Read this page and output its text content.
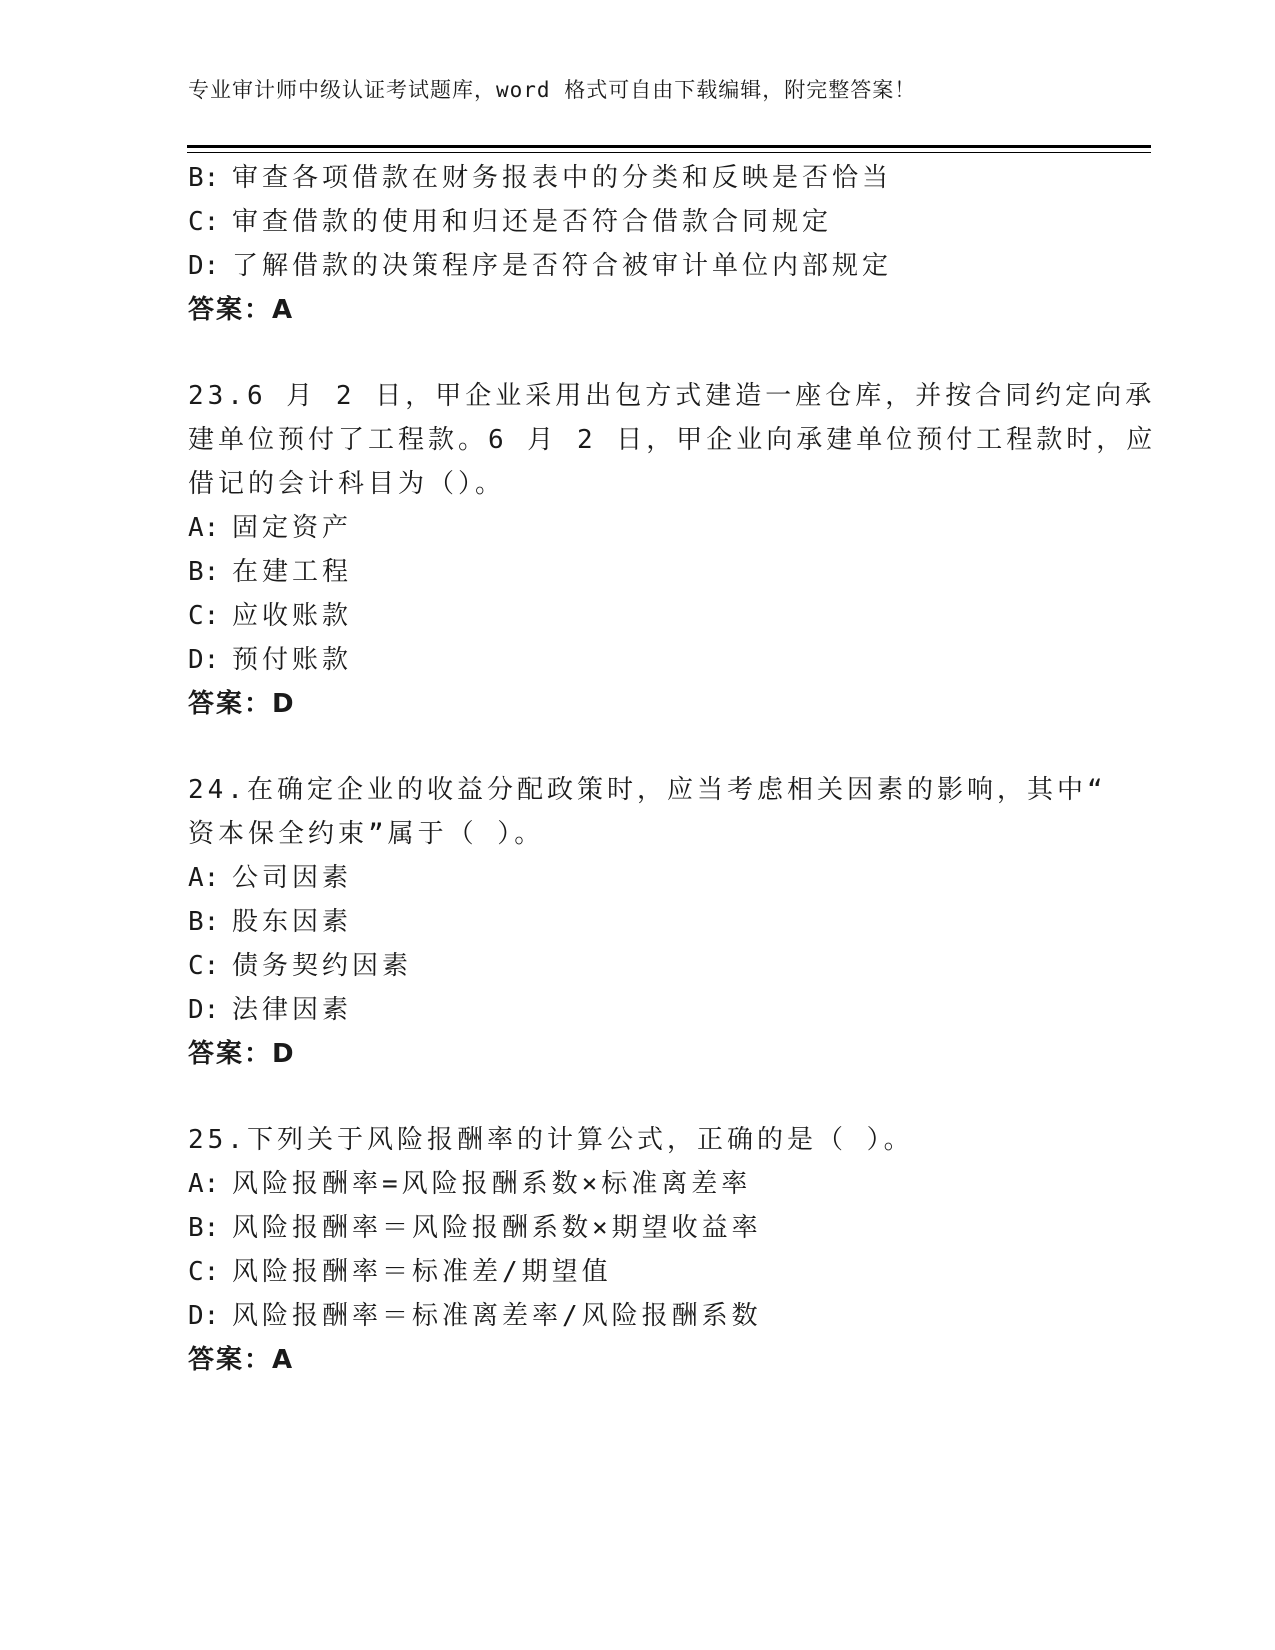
专业审计师中级认证考试题库，word 格式可自由下载编辑，附完整答案！
B: 审查各项借款在财务报表中的分类和反映是否恰当
C: 审查借款的使用和归还是否符合借款合同规定
D: 了解借款的决策程序是否符合被审计单位内部规定
答案：A
23.6 月 2 日，甲企业采用出包方式建造一座仓库，并按合同约定向承
建单位预付了工程款。6 月 2 日，甲企业向承建单位预付工程款时，应
借记的会计科目为（）。
A: 固定资产
B: 在建工程
C: 应收账款
D: 预付账款
答案：D
24.在确定企业的收益分配政策时，应当考虑相关因素的影响，其中“
资本保全约束”属于（ ）。
A: 公司因素
B: 股东因素
C: 债务契约因素
D: 法律因素
答案：D
25.下列关于风险报酬率的计算公式，正确的是（ ）。
A: 风险报酬率=风险报酬系数×标准离差率
B: 风险报酬率＝风险报酬系数×期望收益率
C: 风险报酬率＝标准差/期望值
D: 风险报酬率＝标准离差率/风险报酬系数
答案：A
